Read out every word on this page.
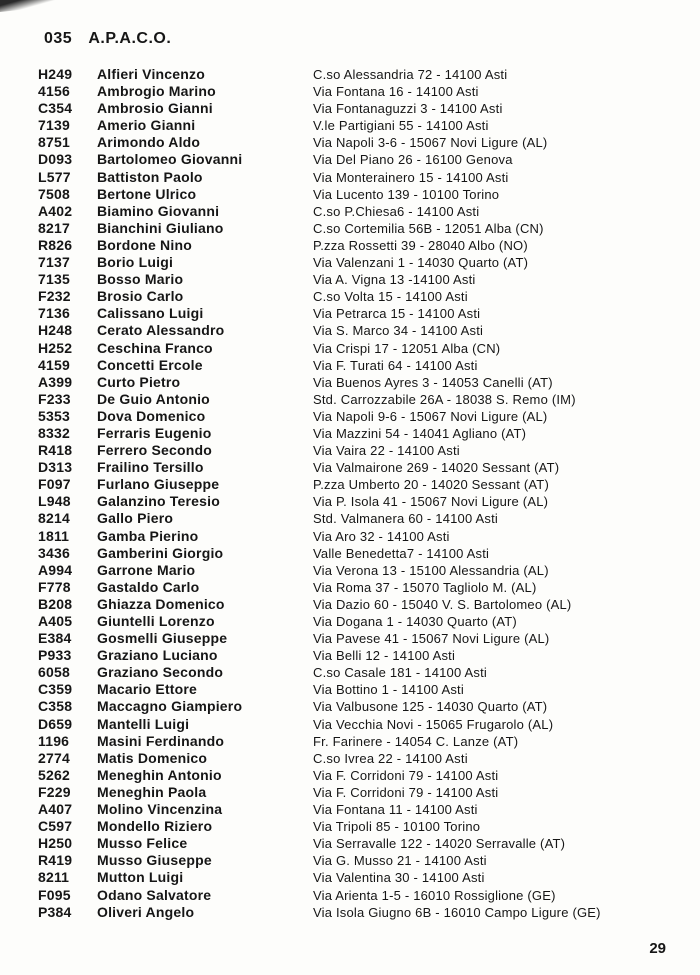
035 A.P.A.C.O.
H249	Alfieri Vincenzo	C.so Alessandria 72 - 14100 Asti
4156	Ambrogio Marino	Via Fontana 16 - 14100 Asti
C354	Ambrosio Gianni	Via Fontanaguzzi 3 - 14100 Asti
7139	Amerio Gianni	V.le Partigiani 55 - 14100 Asti
8751	Arimondo Aldo	Via Napoli 3-6 - 15067 Novi Ligure (AL)
D093	Bartolomeo Giovanni	Via Del Piano 26 - 16100 Genova
L577	Battiston Paolo	Via Monterainero 15 - 14100 Asti
7508	Bertone Ulrico	Via Lucento 139 - 10100 Torino
A402	Biamino Giovanni	C.so P.Chiesa6 - 14100 Asti
8217	Bianchini Giuliano	C.so Cortemilia 56B - 12051 Alba (CN)
R826	Bordone Nino	P.zza Rossetti 39 - 28040 Albo (NO)
7137	Borio Luigi	Via Valenzani 1 - 14030 Quarto (AT)
7135	Bosso Mario	Via A. Vigna 13 -14100 Asti
F232	Brosio Carlo	C.so Volta 15 - 14100 Asti
7136	Calissano Luigi	Via Petrarca 15 - 14100 Asti
H248	Cerato Alessandro	Via S. Marco 34 - 14100 Asti
H252	Ceschina Franco	Via Crispi 17 - 12051 Alba (CN)
4159	Concetti Ercole	Via F. Turati 64 - 14100 Asti
A399	Curto Pietro	Via Buenos Ayres 3 - 14053 Canelli (AT)
F233	De Guio Antonio	Std. Carrozzabile 26A - 18038 S. Remo (IM)
5353	Dova Domenico	Via Napoli 9-6 - 15067 Novi Ligure (AL)
8332	Ferraris Eugenio	Via Mazzini 54 - 14041 Agliano (AT)
R418	Ferrero Secondo	Via Vaira 22 - 14100 Asti
D313	Frailino Tersillo	Via Valmairone 269 - 14020 Sessant (AT)
F097	Furlano Giuseppe	P.zza Umberto 20 - 14020 Sessant (AT)
L948	Galanzino Teresio	Via P. Isola 41 - 15067 Novi Ligure (AL)
8214	Gallo Piero	Std. Valmanera 60 - 14100 Asti
1811	Gamba Pierino	Via Aro 32 - 14100 Asti
3436	Gamberini Giorgio	Valle Benedetta7 - 14100 Asti
A994	Garrone Mario	Via Verona 13 - 15100 Alessandria (AL)
F778	Gastaldo Carlo	Via Roma 37 - 15070 Tagliolo M. (AL)
B208	Ghiazza Domenico	Via Dazio 60 - 15040 V. S. Bartolomeo (AL)
A405	Giuntelli Lorenzo	Via Dogana 1 - 14030 Quarto (AT)
E384	Gosmelli Giuseppe	Via Pavese 41 - 15067 Novi Ligure (AL)
P933	Graziano Luciano	Via Belli 12 - 14100 Asti
6058	Graziano Secondo	C.so Casale 181 - 14100 Asti
C359	Macario Ettore	Via Bottino 1 - 14100 Asti
C358	Maccagno Giampiero	Via Valbusone 125 - 14030 Quarto (AT)
D659	Mantelli Luigi	Via Vecchia Novi - 15065 Frugarolo (AL)
1196	Masini Ferdinando	Fr. Farinere - 14054 C. Lanze (AT)
2774	Matis Domenico	C.so Ivrea 22 - 14100 Asti
5262	Meneghin Antonio	Via F. Corridoni 79 - 14100 Asti
F229	Meneghin Paola	Via F. Corridoni 79 - 14100 Asti
A407	Molino Vincenzina	Via Fontana 11 - 14100 Asti
C597	Mondello Riziero	Via Tripoli 85 - 10100 Torino
H250	Musso Felice	Via Serravalle 122 - 14020 Serravalle (AT)
R419	Musso Giuseppe	Via G. Musso 21 - 14100 Asti
8211	Mutton Luigi	Via Valentina 30 - 14100 Asti
F095	Odano Salvatore	Via Arienta 1-5 - 16010 Rossiglione (GE)
P384	Oliveri Angelo	Via Isola Giugno 6B - 16010 Campo Ligure (GE)
29
